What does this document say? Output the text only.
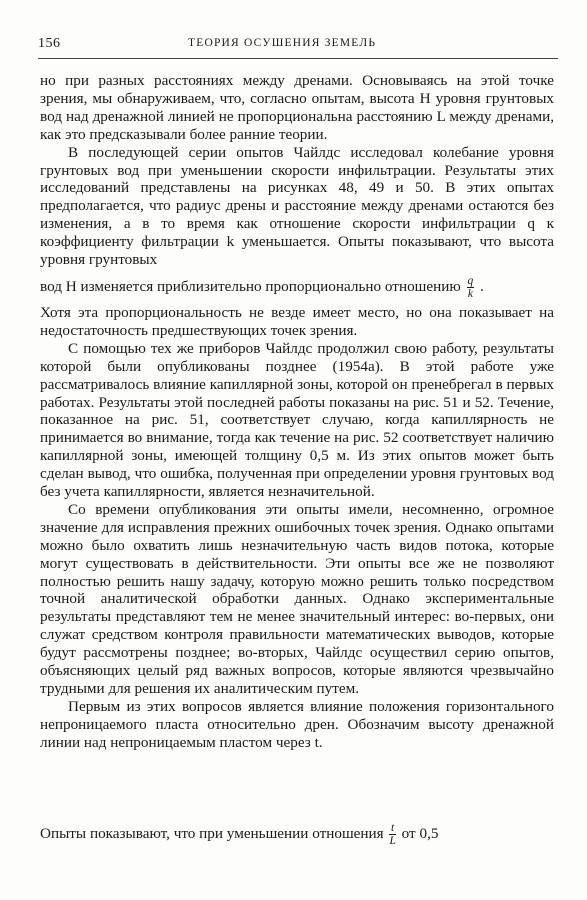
156	ТЕОРИЯ ОСУШЕНИЯ ЗЕМЕЛЬ

но при разных расстояниях между дренами. Основываясь на этой точке зрения, мы обнаруживаем, что, согласно опытам, высота H уровня грунтовых вод над дренажной линией не пропорциональна расстоянию L между дренами, как это предсказывали более ранние теории.

В последующей серии опытов Чайлдс исследовал колебание уровня грунтовых вод при уменьшении скорости инфильтрации. Результаты этих исследований представлены на рисунках 48, 49 и 50. В этих опытах предполагается, что радиус дрены и расстояние между дренами остаются без изменения, а в то время как отношение скорости инфильтрации q к коэффициенту фильтрации k уменьшается. Опыты показывают, что высота уровня грунтовых

вод H изменяется приблизительно пропорционально отношению $\frac{q}{k}$ .

Хотя эта пропорциональность не везде имеет место, но она показывает на недостаточность предшествующих точек зрения.

С помощью тех же приборов Чайлдс продолжил свою работу, результаты которой были опубликованы позднее (1954а). В этой работе уже рассматривалось влияние капиллярной зоны, которой он пренебрегал в первых работах. Результаты этой последней работы показаны на рис. 51 и 52. Течение, показанное на рис. 51, соответствует случаю, когда капиллярность не принимается во внимание, тогда как течение на рис. 52 соответствует наличию капиллярной зоны, имеющей толщину 0,5 м. Из этих опытов может быть сделан вывод, что ошибка, полученная при определении уровня грунтовых вод без учета капиллярности, является незначительной.

Со времени опубликования эти опыты имели, несомненно, огромное значение для исправления прежних ошибочных точек зрения. Однако опытами можно было охватить лишь незначительную часть видов потока, которые могут существовать в действительности. Эти опыты все же не позволяют полностью решить нашу задачу, которую можно решить только посредством точной аналитической обработки данных. Однако экспериментальные результаты представляют тем не менее значительный интерес: во-первых, они служат средством контроля правильности математических выводов, которые будут рассмотрены позднее; во-вторых, Чайлдс осуществил серию опытов, объясняющих целый ряд важных вопросов, которые являются чрезвычайно трудными для решения их аналитическим путем.

Первым из этих вопросов является влияние положения горизонтального непроницаемого пласта относительно дрен. Обозначим высоту дренажной линии над непроницаемым пластом через t.

Опыты показывают, что при уменьшении отношения $\frac{t}{L}$ от 0,5
